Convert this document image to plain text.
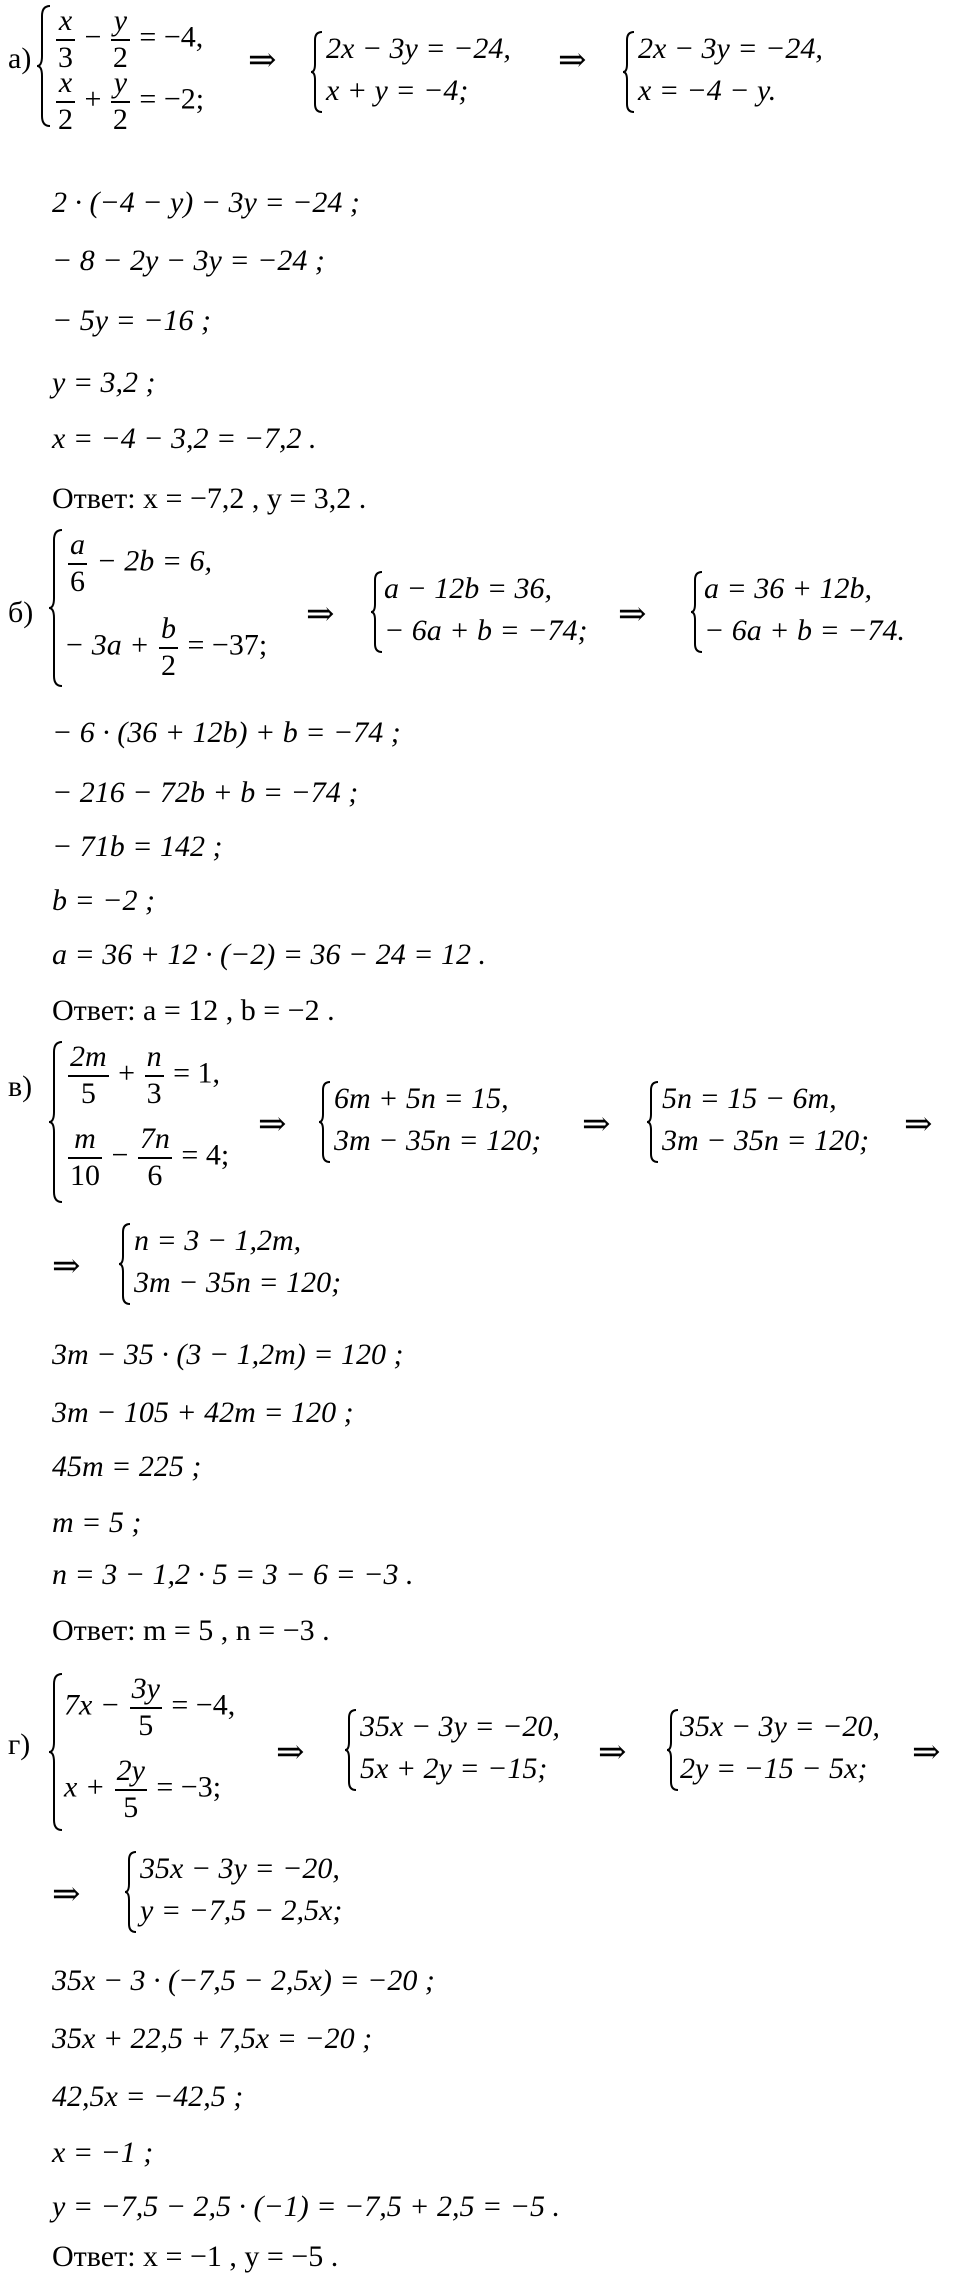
$а) \frac{x}{3} - \frac{y}{2} = -4$,
$\frac{x}{2} + \frac{y}{2} = -2$;
⇒ 2x − 3y = −24,
x + y = −4;
⇒ 2x − 3y = −24,
x = −4 − y.
2 · (−4 − y) − 3y = −24 ;
− 8 − 2y − 3y = −24 ;
− 5y = −16 ;
y = 3,2 ;
x = −4 − 3,2 = −7,2 .
Ответ: x = −7,2 , y = 3,2 .
б)
$\frac{a}{6} - 2b = 6$,
− $3a + \frac{b}{2} = -37$;
⇒
a − 12b = 36,
− 6a + b = −74; ⇒
a = 36 + 12b,
− 6a + b = −74.
− 6 · (36 + 12b) + b = −74 ;
− 216 − 72b + b = −74 ;
− 71b = 142 ;
b = −2 ;
a = 36 + 12 · (−2) = 36 − 24 = 12 .
Ответ: a = 12 , b = −2 .
$в) \frac{2m}{5} + \frac{n}{3} = 1$,
$\frac{m}{10} - \frac{7n}{6} = 4$;
⇒
6m + 5n = 15,
3m − 35n = 120; ⇒
5n = 15 − 6m,
3m − 35n = 120; ⇒
⇒
n = 3 − 1,2m,
3m − 35n = 120;
3m − 35 · (3 − 1,2m) = 120 ;
3m − 105 + 42m = 120 ;
45m = 225 ;
m = 5 ;
n = 3 − 1,2 · 5 = 3 − 6 = −3 .
Ответ: m = 5 , n = −3 .
г)
$7x - \frac{3y}{5} = -4$,
$x + \frac{2y}{5} = -3$;
⇒
35x − 3y = −20,
5x + 2y = −15; ⇒
35x − 3y = −20,
2y = −15 − 5x; ⇒
⇒
35x − 3y = −20,
y = −7,5 − 2,5x;
35x − 3 · (−7,5 − 2,5x) = −20 ;
35x + 22,5 + 7,5x = −20 ;
42,5x = −42,5 ;
x = −1 ;
y = −7,5 − 2,5 · (−1) = −7,5 + 2,5 = −5 .
Ответ: x = −1 , y = −5 .
